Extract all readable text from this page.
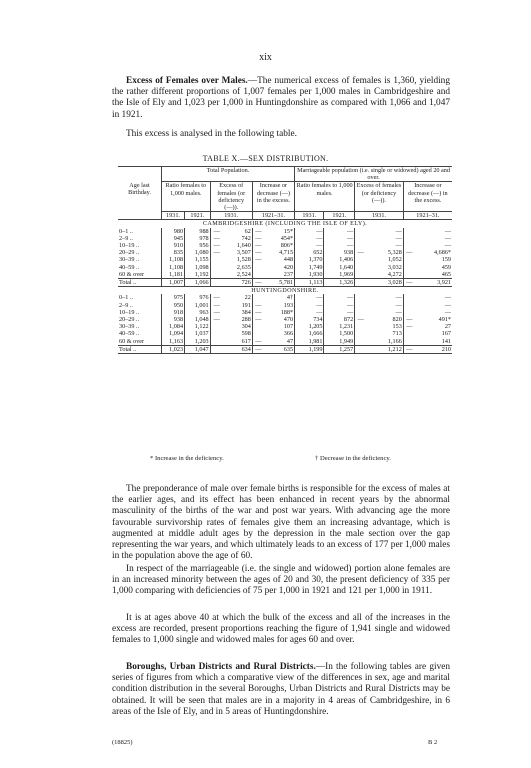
xix

Excess of Females over Males.—The numerical excess of females is 1,360, yielding the rather different proportions of 1,007 females per 1,000 males in Cambridgeshire and the Isle of Ely and 1,023 per 1,000 in Huntingdonshire as compared with 1,066 and 1,047 in 1921.

This excess is analysed in the following table.

TABLE X.—SEX DISTRIBUTION.
	Total Population.						Marriageable population (i.e. single or widowed) aged 20 and over.					
Age last Birthday.	Ratio females to 1,000 males.		Excess of females (or deficiency (—)).		Increase or decrease (—) in the excess.		Ratio females to 1,000 males.		Excess of females (or deficiency (—)).		Increase or decrease (—) in the excess.	
	1931.	1921.	1931.		1921–31.		1931.	1921.	1931.		1921–31.	
CAMBRIDGESHIRE (INCLUDING THE ISLE OF ELY).												
0–1 ..	980	988	—	62	—	15*	—	—		—		—
2–9 ..	945	978	—	742	—	454*	—	—		—		—
10–19 ..	910	956	—	1,640	—	806*	—	—		—		—
20–29 ..	835	1,080	—	3,507	—	4,715	652	938	—	5,328	—	4,686*
30–39 ..	1,108	1,155		1,528	—	448	1,370	1,406		1,052		159
40–59 ..	1,108	1,098		2,635		420	1,749	1,640		3,032		459
60 & over	1,181	1,192		2,524		237	1,930	1,969		4,272		465
Total ..	1,007	1,066		726	—	5,781	1,113	1,326		3,028	—	3,921
HUNTINGDONSHIRE.												
0–1 ..	975	976	—	22		4†	—	—		—		—
2–9 ..	950	1,001	—	191	—	193	—	—		—		—
10–19 ..	918	963	—	384	—	188*	—	—		—		—
20–29 ..	938	1,048	—	288	—	470	734	872	—	820	—	491*
30–39 ..	1,084	1,122		304		107	1,205	1,231		153	—	27
40–59 ..	1,094	1,037		598		366	1,666	1,500		713		167
60 & over	1,163	1,203		617	—	47	1,981	1,949		1,166		141
Total ..	1,023	1,047		634	—	635	1,199	1,257		1,212	—	210
* Increase in the deficiency.	† Decrease in the deficiency.

The preponderance of male over female births is responsible for the excess of males at the earlier ages, and its effect has been enhanced in recent years by the abnormal masculinity of the births of the war and post war years. With advancing age the more favourable survivorship rates of females give them an increasing advantage, which is augmented at middle adult ages by the depression in the male section over the gap representing the war years, and which ultimately leads to an excess of 177 per 1,000 males in the population above the age of 60.

In respect of the marriageable (i.e. the single and widowed) portion alone females are in an increased minority between the ages of 20 and 30, the present deficiency of 335 per 1,000 comparing with deficiencies of 75 per 1,000 in 1921 and 121 per 1,000 in 1911.

It is at ages above 40 at which the bulk of the excess and all of the increases in the excess are recorded, present proportions reaching the figure of 1,941 single and widowed females to 1,000 single and widowed males for ages 60 and over.

Boroughs, Urban Districts and Rural Districts.—In the following tables are given series of figures from which a comparative view of the differences in sex, age and marital condition distribution in the several Boroughs, Urban Districts and Rural Districts may be obtained. It will be seen that males are in a majority in 4 areas of Cambridgeshire, in 6 areas of the Isle of Ely, and in 5 areas of Huntingdonshire.

(18825)	B 2
